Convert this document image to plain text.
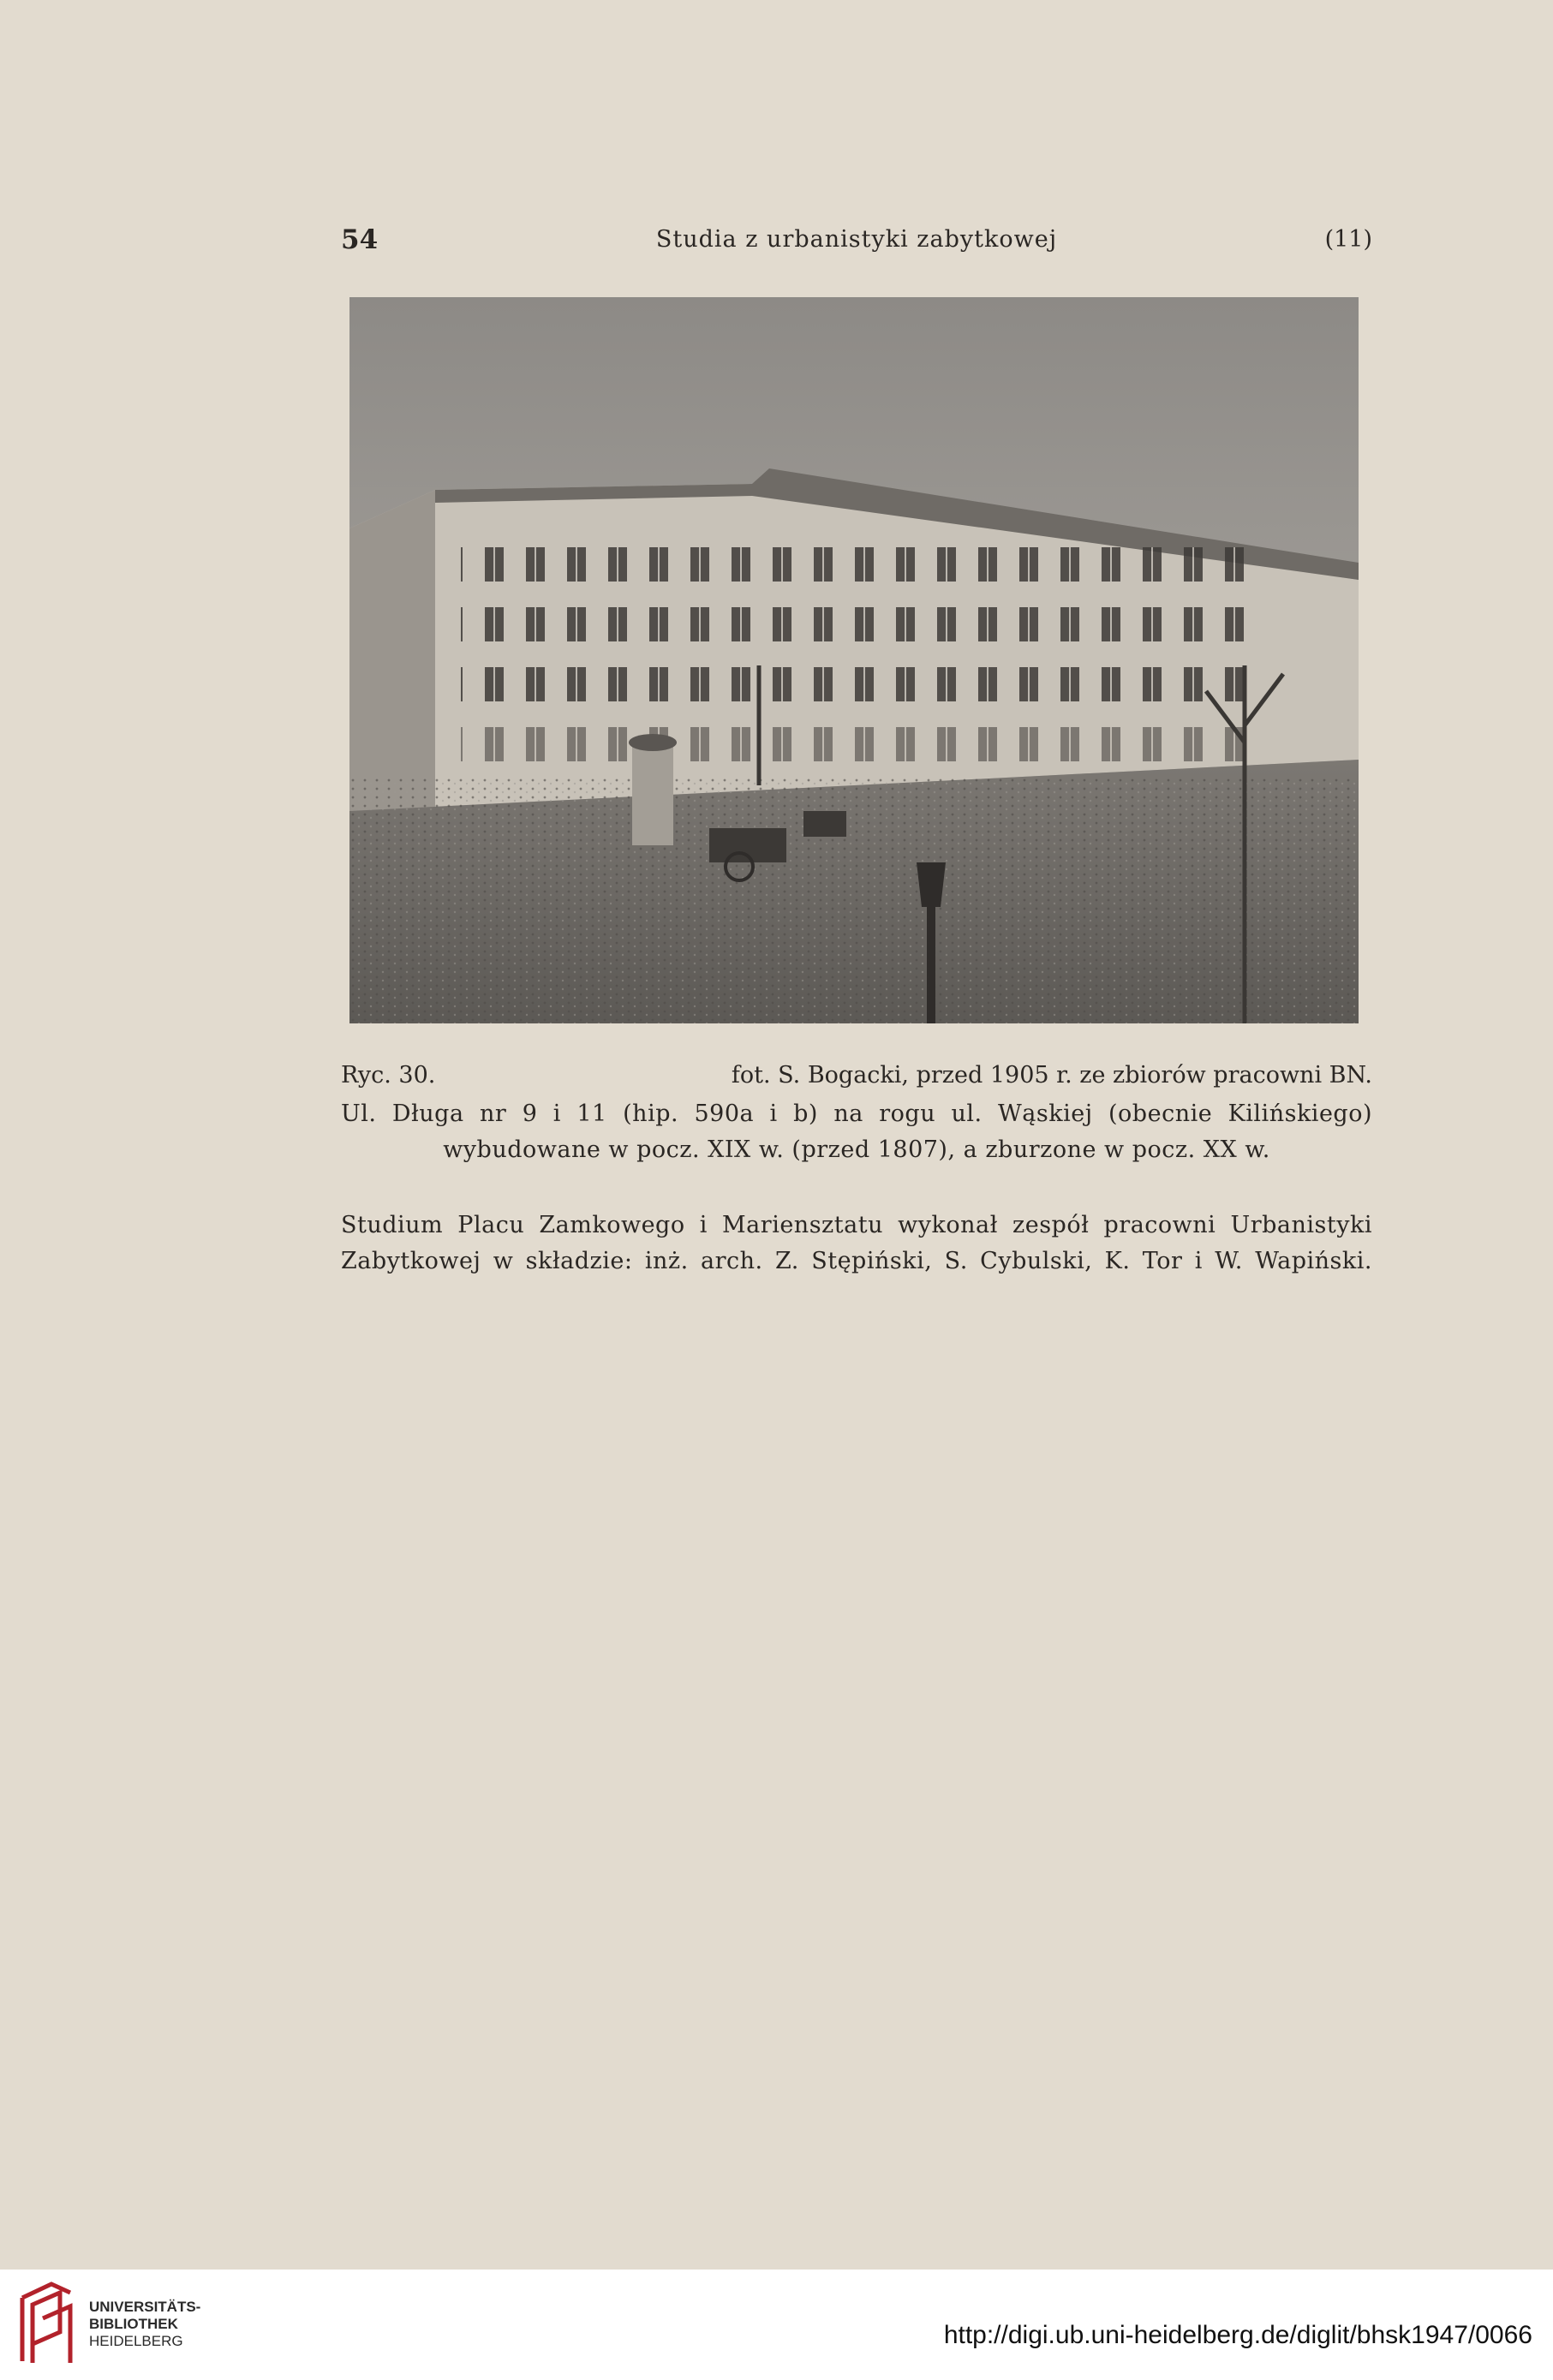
54	Studia z urbanistyki zabytkowej	(11)
Ryc. 30.	fot. S. Bogacki, przed 1905 r. ze zbiorów pracowni BN.
Ul. Długa nr 9 i 11 (hip. 590a i b) na rogu ul. Wąskiej (obecnie Kilińskiego) wybudowane w pocz. XIX w. (przed 1807), a zburzone w pocz. XX w.
Studium Placu Zamkowego i Mariensztatu wykonał zespół pracowni Urbanistyki Zabytkowej w składzie: inż. arch. Z. Stępiński, S. Cybulski, K. Tor i W. Wapiński.
UNIVERSITÄTS-
BIBLIOTHEK
HEIDELBERG	http://digi.ub.uni-heidelberg.de/diglit/bhsk1947/0066
